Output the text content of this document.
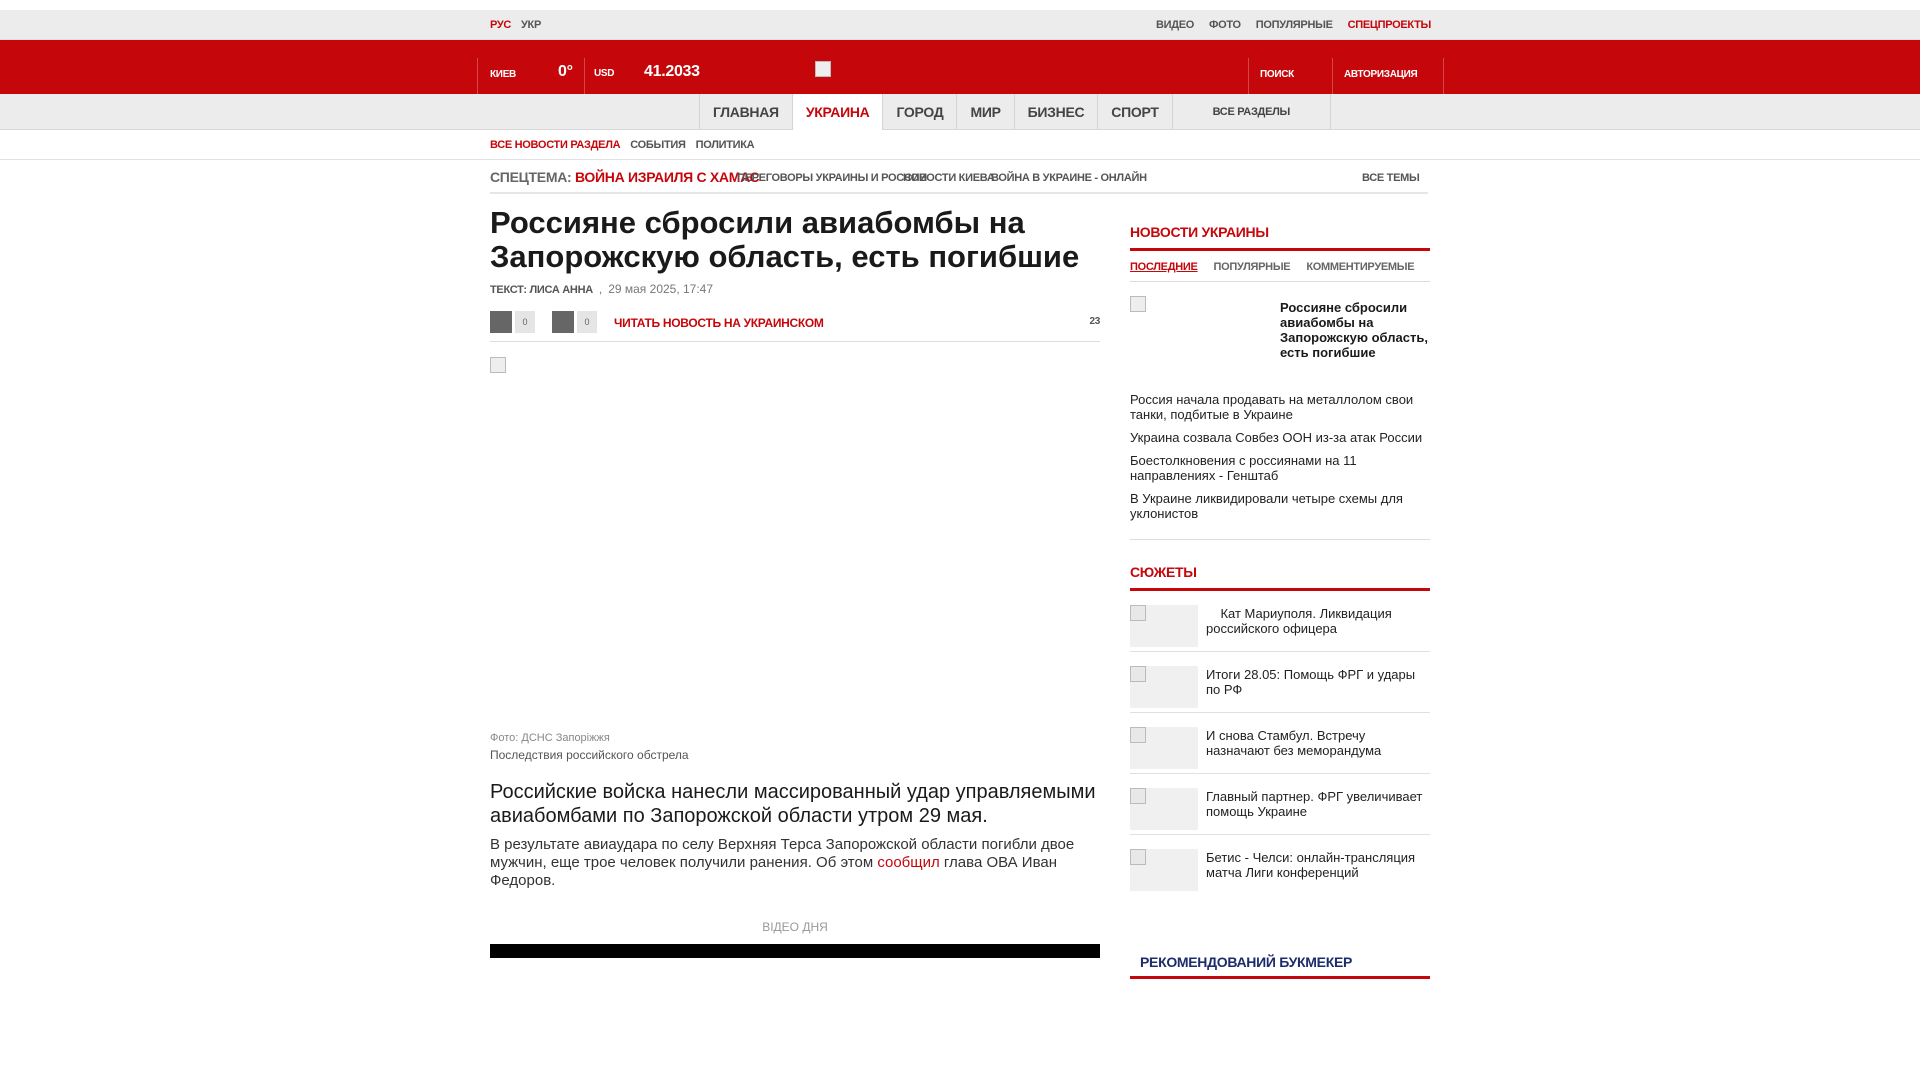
РУС УКР	ВИДЕО ФОТО ПОПУЛЯРНЫЕ СПЕЦПРОЕКТЫ
КИЕВ	0° USD 41.2033	ПОИСК	АВТОРИЗАЦИЯ
ГЛАВНАЯ	УКРАИНА	ГОРОД	МИР	БИЗНЕС	СПОРТ	ВСЕ РАЗДЕЛЫ
ВСЕ НОВОСТИ РАЗДЕЛА СОБЫТИЯ ПОЛИТИКА
СПЕЦТЕМА: ВОЙНА ИЗРАИЛЯ С ХАМАС
ПЕРЕГОВОРЫ УКРАИНЫ И РОССИИ
НОВОСТИ КИЕВА
ВОЙНА В УКРАИНЕ - ОНЛАЙН	ВСЕ ТЕМЫ
Россияне сбросили авиабомбы на Запорожскую область, есть погибшие
ТЕКСТ: ЛИСА АННА , 29 мая 2025, 17:47
0	0	ЧИТАТЬ НОВОСТЬ НА УКРАИНСКОМ	23
Фото: ДСНС Запоріжжя
Последствия российского обстрела

Российские войска нанесли массированный удар управляемыми авиабомбами по Запорожской области утром 29 мая.

В результате авиаудара по селу Верхняя Терса Запорожской области погибли двое мужчин, еще трое человек получили ранения. Об этом сообщил глава ОВА Иван Федоров.

ВІДЕО ДНЯ
НОВОСТИ УКРАИНЫ
ПОСЛЕДНИЕ ПОПУЛЯРНЫЕ КОММЕНТИРУЕМЫЕ
Россияне сбросили авиабомбы на Запорожскую область, есть погибшие
Россия начала продавать на металлолом свои танки, подбитые в Украине
Украина созвала Совбез ООН из-за атак России
Боестолкновения с россиянами на 11 направлениях - Генштаб
В Украине ликвидировали четыре схемы для уклонистов
СЮЖЕТЫ
Кат Мариуполя. Ликвидация российского офицера
Итоги 28.05: Помощь ФРГ и удары по РФ
И снова Стамбул. Встречу назначают без меморандума
Главный партнер. ФРГ увеличивает помощь Украине
Бетис - Челси: онлайн-трансляция матча Лиги конференций
РЕКОМЕНДОВАНИЙ БУКМЕКЕР
